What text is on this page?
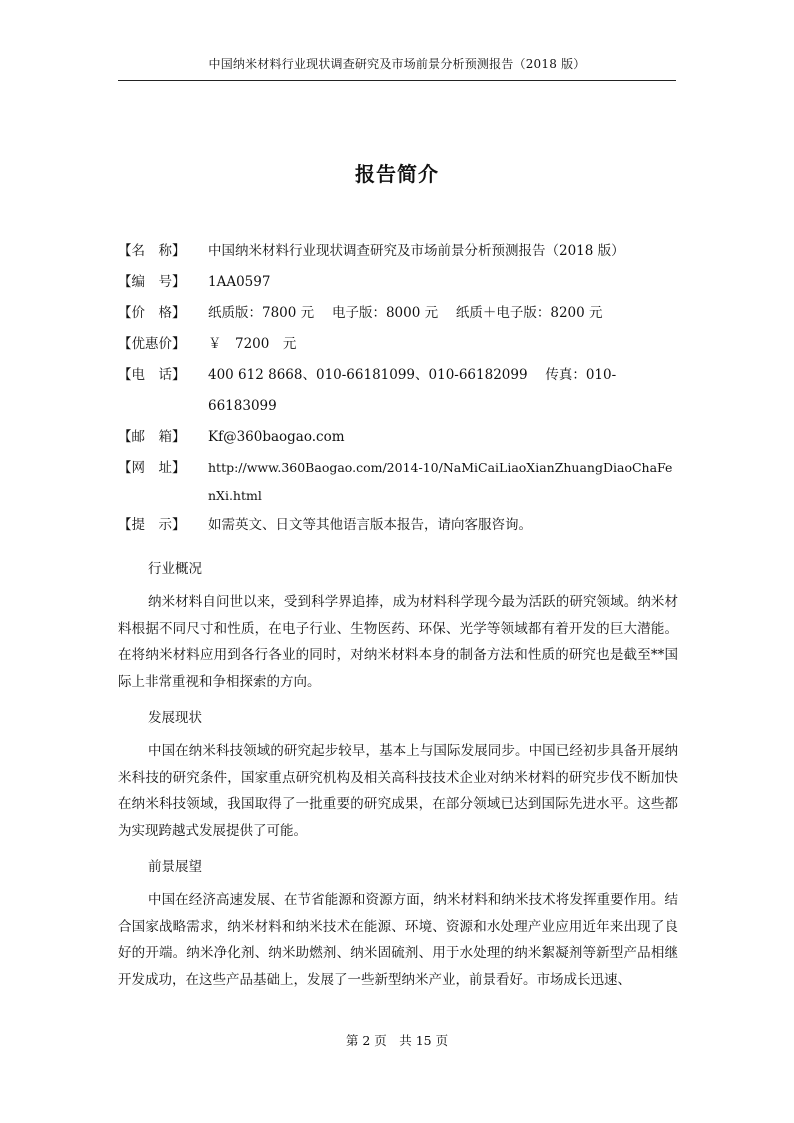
中国纳米材料行业现状调查研究及市场前景分析预测报告（2018 版）
报告简介
【名　称】	中国纳米材料行业现状调查研究及市场前景分析预测报告（2018 版）
【编　号】	1AA0597
【价　格】	纸质版：7800 元　 电子版：8000 元　 纸质＋电子版：8200 元
【优惠价】	￥　7200　元
【电　话】	400 612 8668、010-66181099、010-66182099　 传真：010-66183099
【邮　箱】	Kf@360baogao.com
【网　址】	http://www.360Baogao.com/2014-10/NaMiCaiLiaoXianZhuangDiaoChaFenXi.html
【提　示】	如需英文、日文等其他语言版本报告，请向客服咨询。

行业概况

纳米材料自问世以来，受到科学界追捧，成为材料科学现今最为活跃的研究领域。纳米材料根据不同尺寸和性质，在电子行业、生物医药、环保、光学等领域都有着开发的巨大潜能。在将纳米材料应用到各行各业的同时，对纳米材料本身的制备方法和性质的研究也是截至**国际上非常重视和争相探索的方向。

发展现状

中国在纳米科技领域的研究起步较早，基本上与国际发展同步。中国已经初步具备开展纳米科技的研究条件，国家重点研究机构及相关高科技技术企业对纳米材料的研究步伐不断加快 在纳米科技领域，我国取得了一批重要的研究成果，在部分领域已达到国际先进水平。这些都为实现跨越式发展提供了可能。

前景展望

中国在经济高速发展、在节省能源和资源方面，纳米材料和纳米技术将发挥重要作用。结合国家战略需求，纳米材料和纳米技术在能源、环境、资源和水处理产业应用近年来出现了良好的开端。纳米净化剂、纳米助燃剂、纳米固硫剂、用于水处理的纳米絮凝剂等新型产品相继开发成功，在这些产品基础上，发展了一些新型纳米产业，前景看好。市场成长迅速、

第 2 页　共 15 页
